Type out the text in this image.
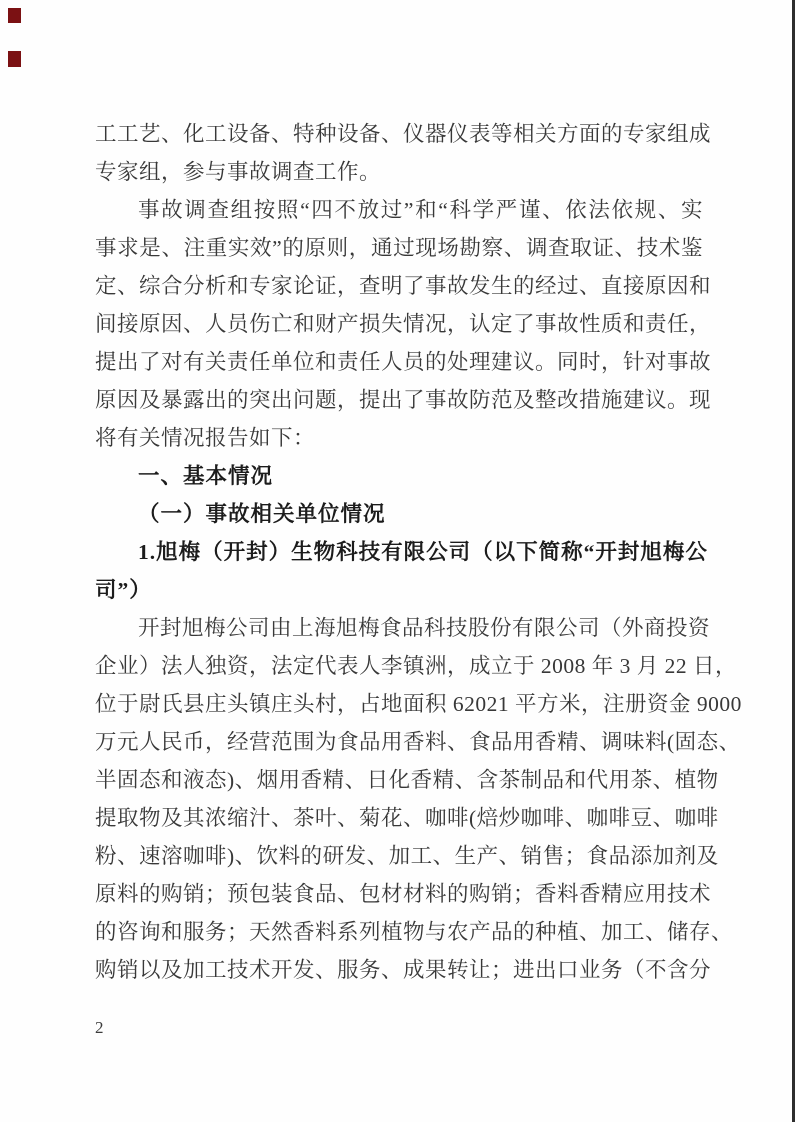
工工艺、化工设备、特种设备、仪器仪表等相关方面的专家组成
专家组，参与事故调查工作。
事故调查组按照“四不放过”和“科学严谨、依法依规、实
事求是、注重实效”的原则，通过现场勘察、调查取证、技术鉴
定、综合分析和专家论证，查明了事故发生的经过、直接原因和
间接原因、人员伤亡和财产损失情况，认定了事故性质和责任，
提出了对有关责任单位和责任人员的处理建议。同时，针对事故
原因及暴露出的突出问题，提出了事故防范及整改措施建议。现
将有关情况报告如下：
一、基本情况
（一）事故相关单位情况
1.旭梅（开封）生物科技有限公司（以下简称“开封旭梅公
司”）
开封旭梅公司由上海旭梅食品科技股份有限公司（外商投资
企业）法人独资，法定代表人李镇洲，成立于 2008 年 3 月 22 日，
位于尉氏县庄头镇庄头村，占地面积 62021 平方米，注册资金 9000
万元人民币，经营范围为食品用香料、食品用香精、调味料(固态、
半固态和液态)、烟用香精、日化香精、含茶制品和代用茶、植物
提取物及其浓缩汁、茶叶、菊花、咖啡(焙炒咖啡、咖啡豆、咖啡
粉、速溶咖啡)、饮料的研发、加工、生产、销售；食品添加剂及
原料的购销；预包装食品、包材材料的购销；香料香精应用技术
的咨询和服务；天然香料系列植物与农产品的种植、加工、储存、
购销以及加工技术开发、服务、成果转让；进出口业务（不含分
2
